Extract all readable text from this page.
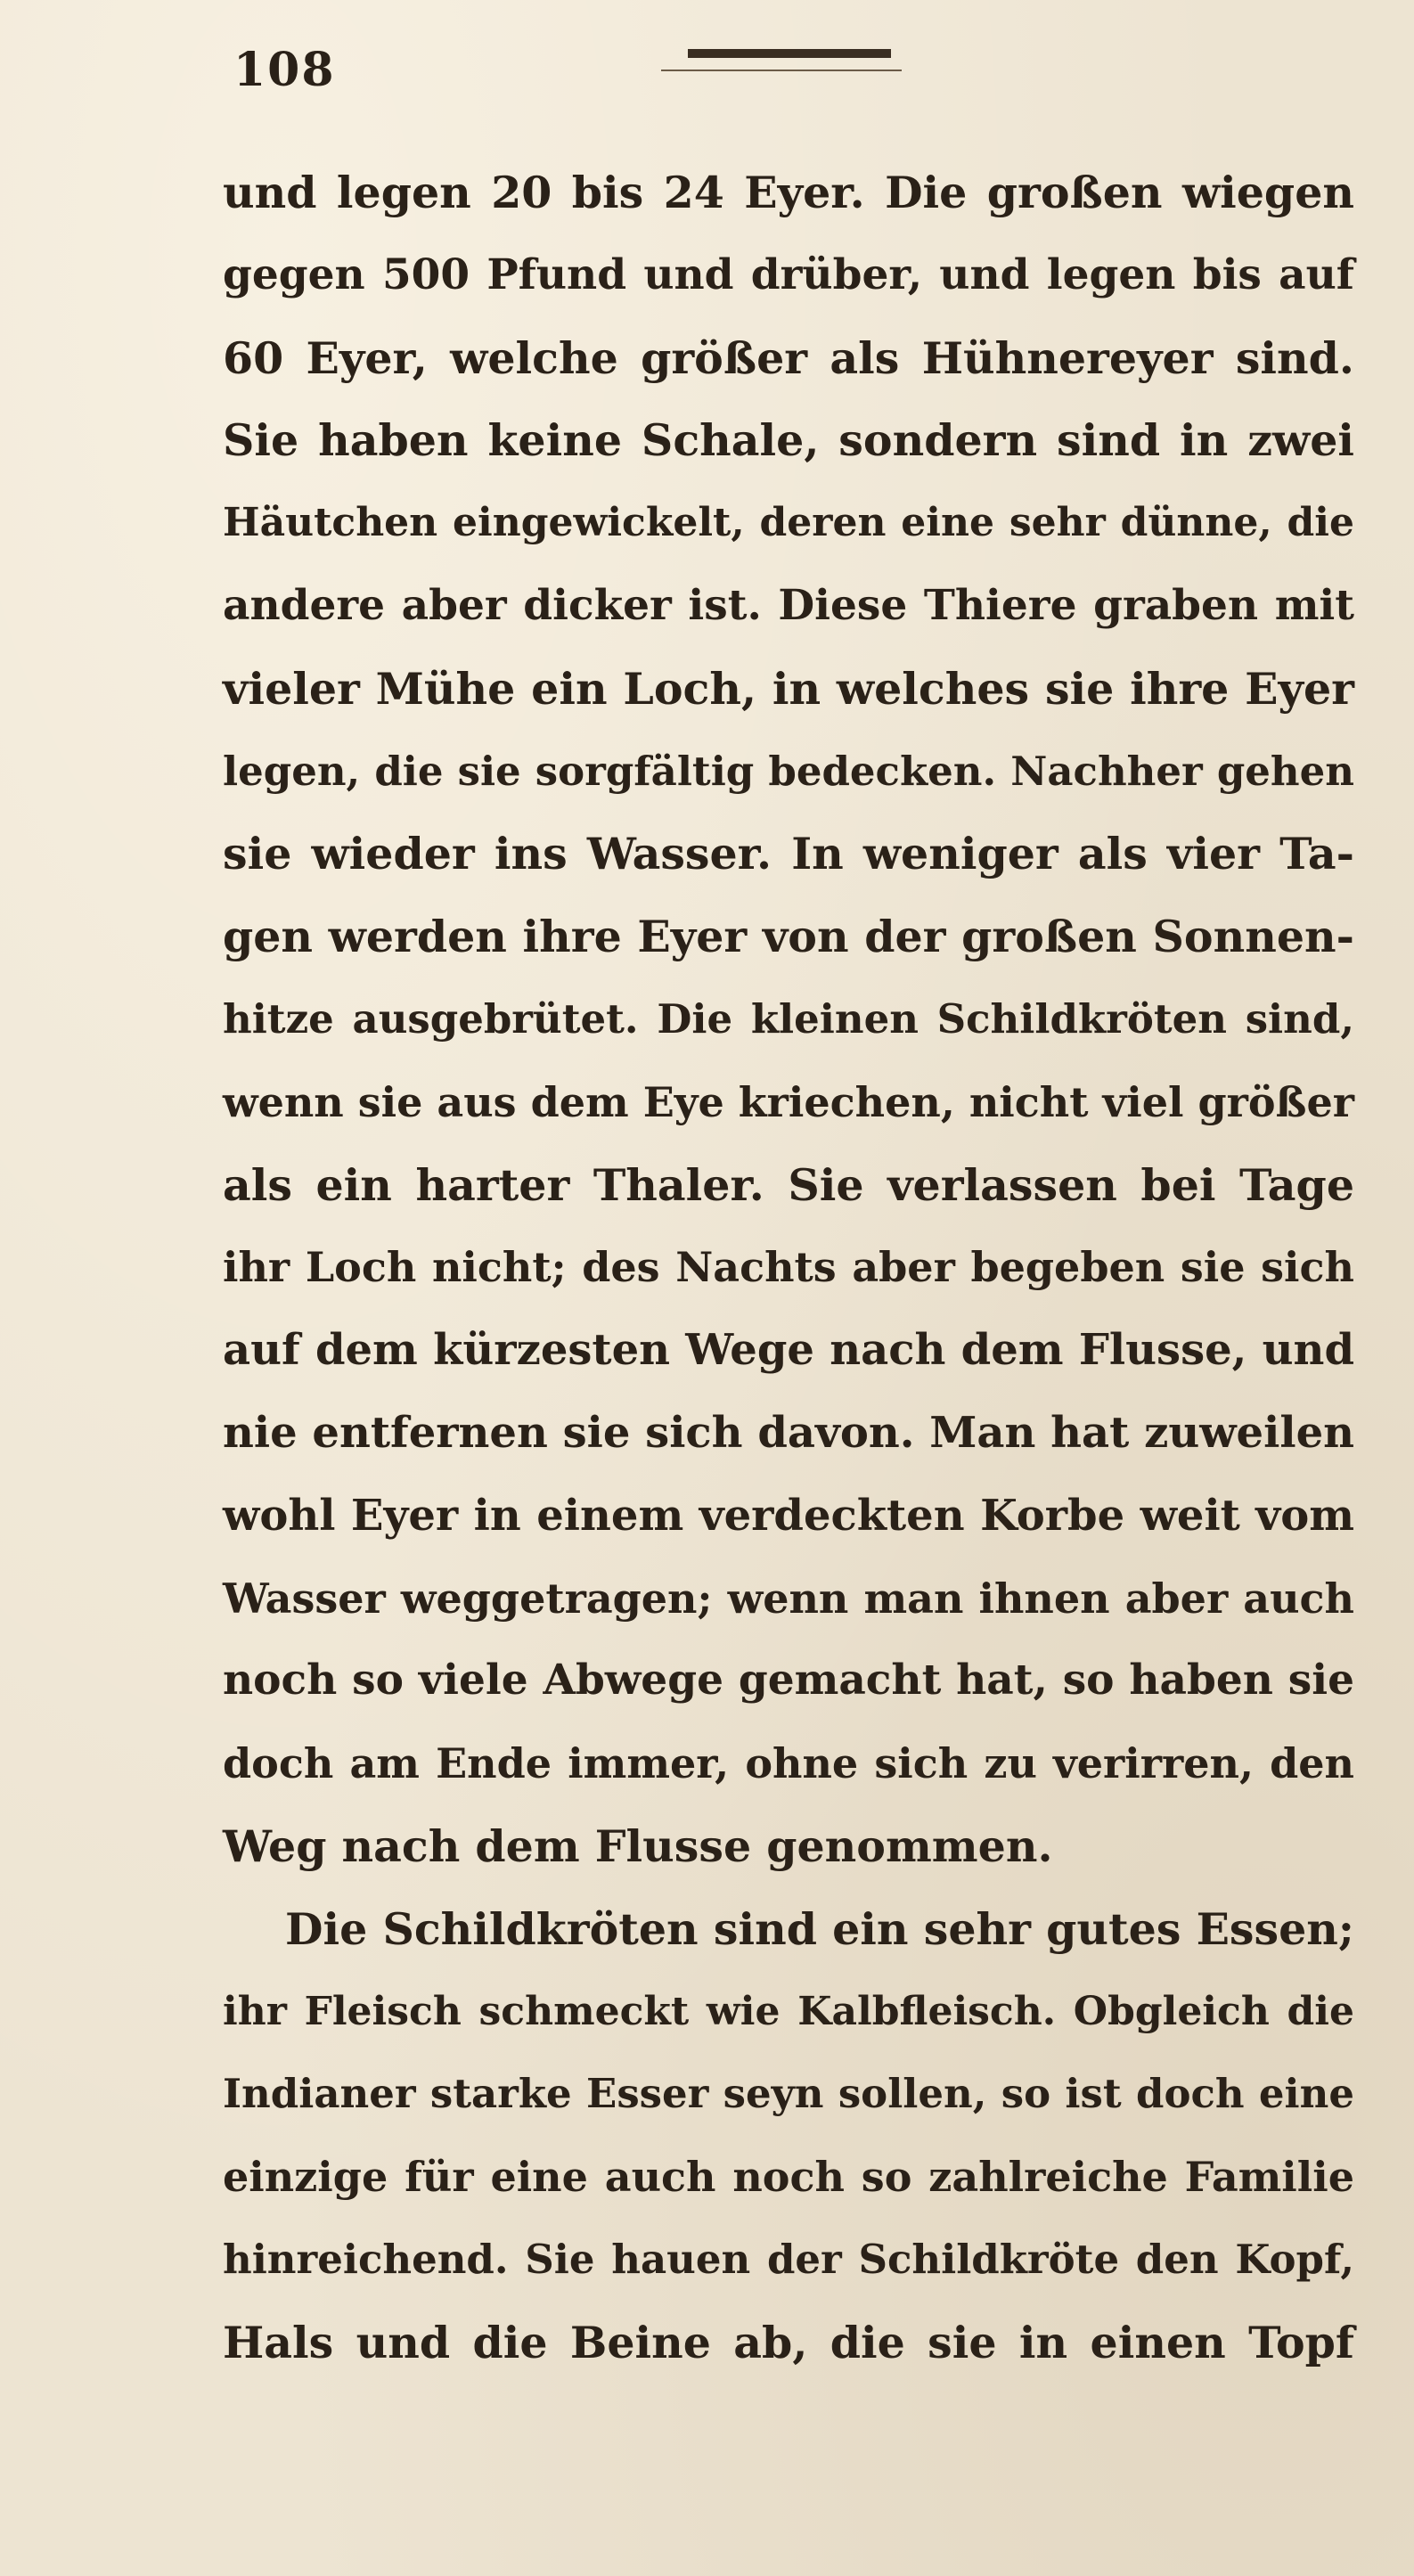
108
und legen 20 bis 24 Eyer. Die großen wiegen
gegen 500 Pfund und drüber, und legen bis auf
60 Eyer, welche größer als Hühnereyer sind.
Sie haben keine Schale, sondern sind in zwei
Häutchen eingewickelt, deren eine sehr dünne, die
andere aber dicker ist. Diese Thiere graben mit
vieler Mühe ein Loch, in welches sie ihre Eyer
legen, die sie sorgfältig bedecken. Nachher gehen
sie wieder ins Wasser. In weniger als vier Ta-
gen werden ihre Eyer von der großen Sonnen-
hitze ausgebrütet. Die kleinen Schildkröten sind,
wenn sie aus dem Eye kriechen, nicht viel größer
als ein harter Thaler. Sie verlassen bei Tage
ihr Loch nicht; des Nachts aber begeben sie sich
auf dem kürzesten Wege nach dem Flusse, und
nie entfernen sie sich davon. Man hat zuweilen
wohl Eyer in einem verdeckten Korbe weit vom
Wasser weggetragen; wenn man ihnen aber auch
noch so viele Abwege gemacht hat, so haben sie
doch am Ende immer, ohne sich zu verirren, den
Weg nach dem Flusse genommen.
Die Schildkröten sind ein sehr gutes Essen;
ihr Fleisch schmeckt wie Kalbfleisch. Obgleich die
Indianer starke Esser seyn sollen, so ist doch eine
einzige für eine auch noch so zahlreiche Familie
hinreichend. Sie hauen der Schildkröte den Kopf,
Hals und die Beine ab, die sie in einen Topf
